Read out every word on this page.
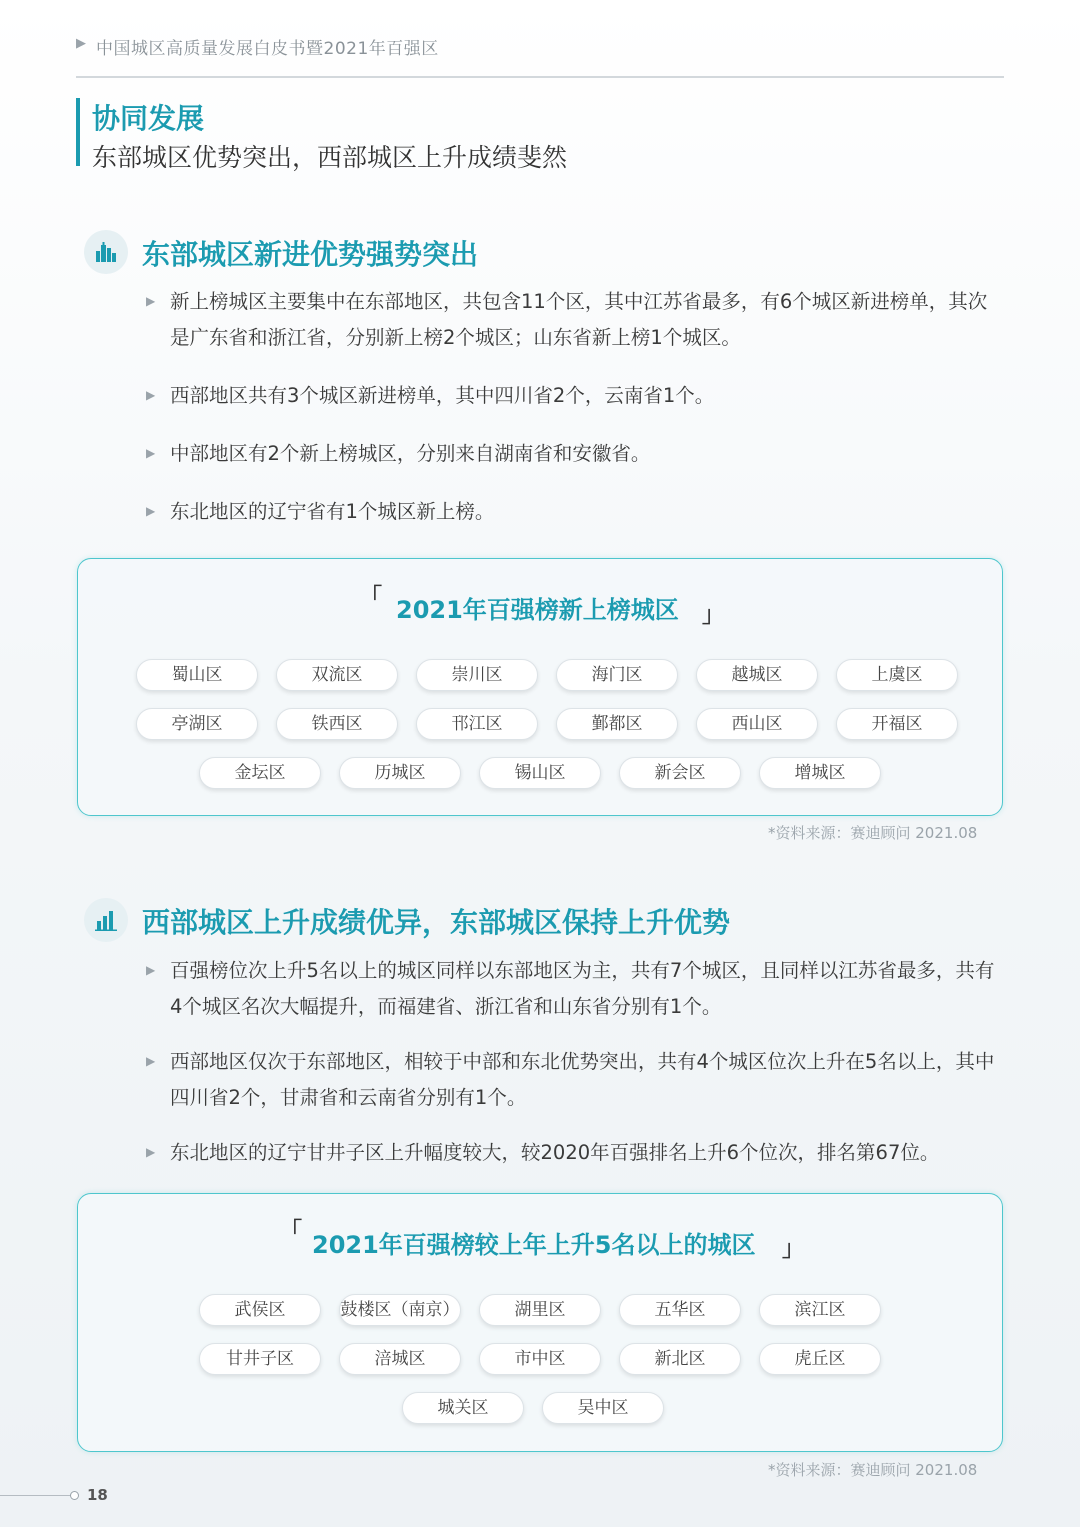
▶ 中国城区高质量发展白皮书暨2021年百强区
协同发展
东部城区优势突出，西部城区上升成绩斐然
东部城区新进优势强势突出
▶ 新上榜城区主要集中在东部地区，共包含11个区，其中江苏省最多，有6个城区新进榜单，其次是广东省和浙江省，分别新上榜2个城区；山东省新上榜1个城区。
▶ 西部地区共有3个城区新进榜单，其中四川省2个，云南省1个。
▶ 中部地区有2个新上榜城区，分别来自湖南省和安徽省。
▶ 东北地区的辽宁省有1个城区新上榜。
「 2021年百强榜新上榜城区 」
蜀山区	双流区	崇川区	海门区	越城区	上虞区
亭湖区	铁西区	邗江区	鄞都区	西山区	开福区
金坛区	历城区	锡山区	新会区	增城区
*资料来源：赛迪顾问 2021.08
西部城区上升成绩优异，东部城区保持上升优势
▶ 百强榜位次上升5名以上的城区同样以东部地区为主，共有7个城区，且同样以江苏省最多，共有4个城区名次大幅提升，而福建省、浙江省和山东省分别有1个。
▶ 西部地区仅次于东部地区，相较于中部和东北优势突出，共有4个城区位次上升在5名以上，其中四川省2个，甘肃省和云南省分别有1个。
▶ 东北地区的辽宁甘井子区上升幅度较大，较2020年百强排名上升6个位次，排名第67位。
「 2021年百强榜较上年上升5名以上的城区 」
武侯区	鼓楼区（南京）	湖里区	五华区	滨江区
甘井子区	涪城区	市中区	新北区	虎丘区
城关区	吴中区
*资料来源：赛迪顾问 2021.08
18
